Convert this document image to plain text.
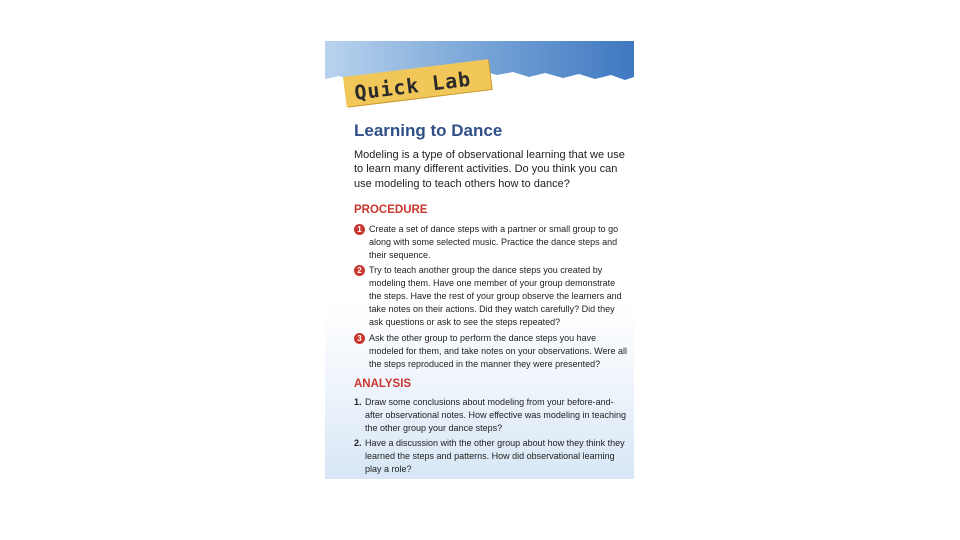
Quick Lab
Learning to Dance

Modeling is a type of observational learning that we use to learn many different activities. Do you think you can use modeling to teach others how to dance?

PROCEDURE
1 Create a set of dance steps with a partner or small group to go along with some selected music. Practice the dance steps and their sequence.
2 Try to teach another group the dance steps you created by modeling them. Have one member of your group demonstrate the steps. Have the rest of your group observe the learners and take notes on their actions. Did they watch carefully? Did they ask questions or ask to see the steps repeated?
3 Ask the other group to perform the dance steps you have modeled for them, and take notes on your observations. Were all the steps reproduced in the manner they were presented?
ANALYSIS
1. Draw some conclusions about modeling from your before-and-after observational notes. How effective was modeling in teaching the other group your dance steps?
2. Have a discussion with the other group about how they think they learned the steps and patterns. How did observational learning play a role?
